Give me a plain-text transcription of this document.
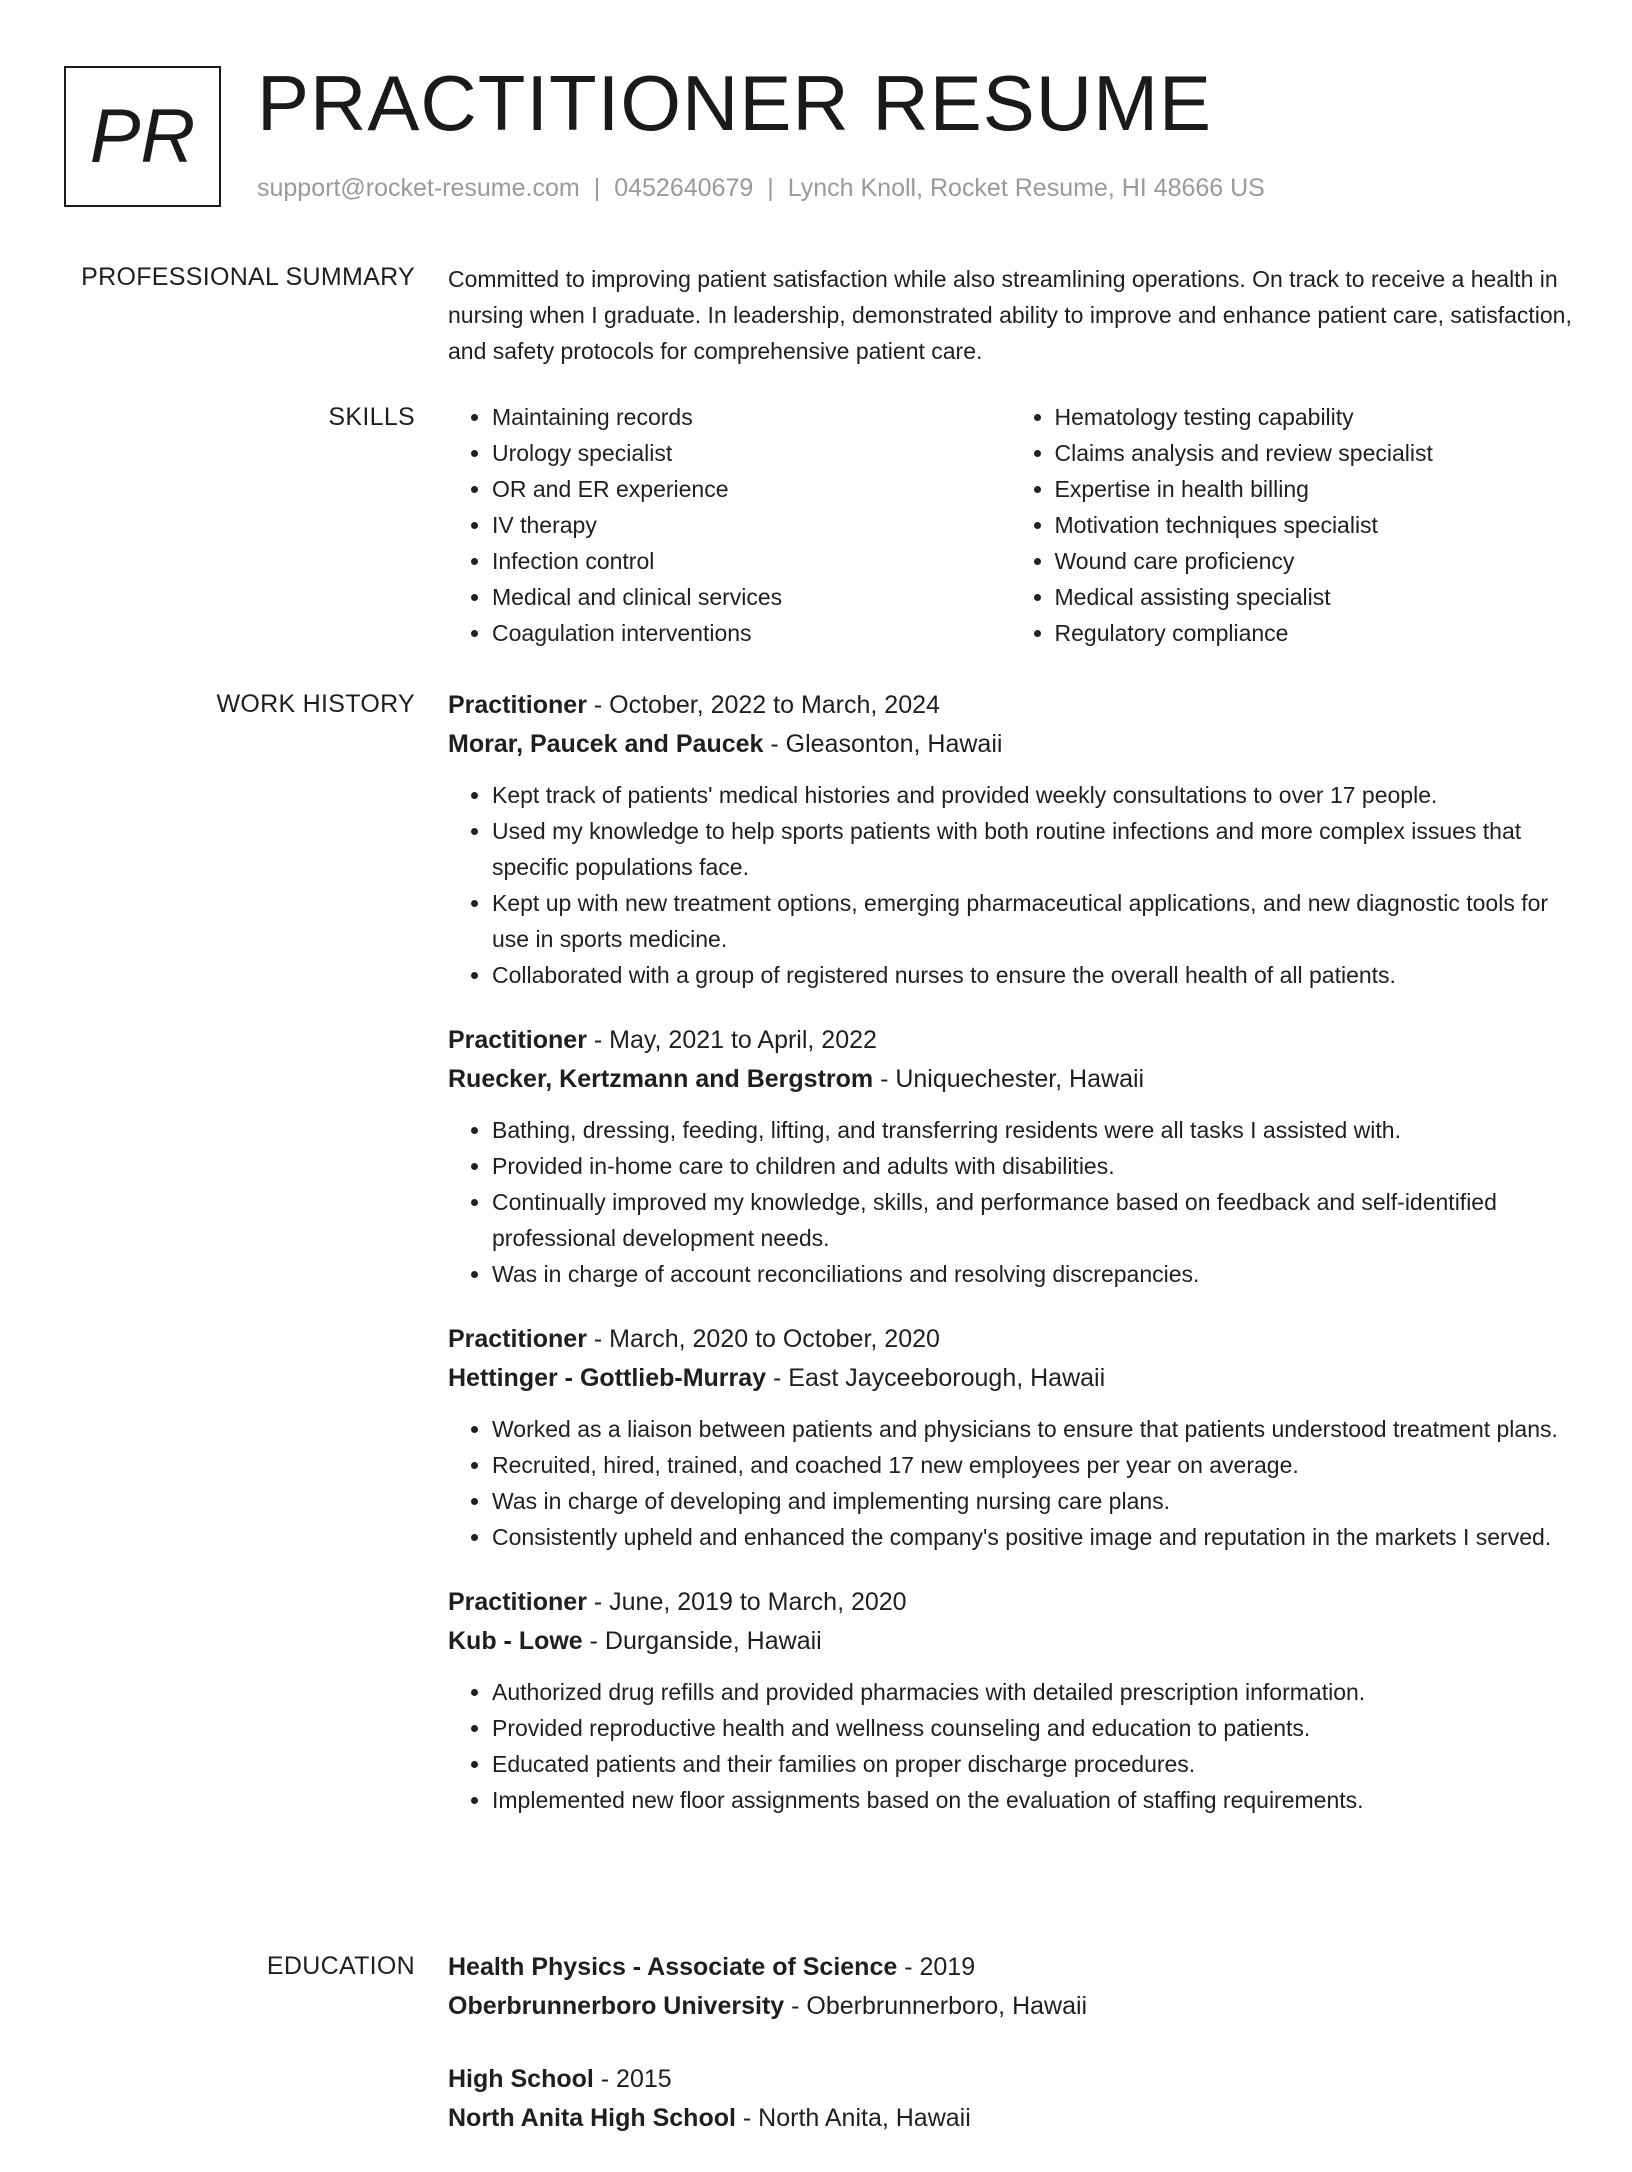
PR PRACTITIONER RESUME
support@rocket-resume.com | 0452640679 | Lynch Knoll, Rocket Resume, HI 48666 US
PROFESSIONAL SUMMARY Committed to improving patient satisfaction while also streamlining operations. On track to receive a health in nursing when I graduate. In leadership, demonstrated ability to improve and enhance patient care, satisfaction, and safety protocols for comprehensive patient care.

SKILLS
•	Maintaining records
• Urology specialist
• OR and ER experience
• IV therapy
• Infection control
• Medical and clinical services
• Coagulation interventions
• Hematology testing capability
• Claims analysis and review specialist
• Expertise in health billing
• Motivation techniques specialist
• Wound care proficiency
• Medical assisting specialist
• Regulatory compliance
WORK HISTORY Practitioner - October, 2022 to March, 2024
Morar, Paucek and Paucek - Gleasonton, Hawaii
• Kept track of patients' medical histories and provided weekly consultations to over 17 people.
• Used my knowledge to help sports patients with both routine infections and more complex issues that specific populations face.
• Kept up with new treatment options, emerging pharmaceutical applications, and new diagnostic tools for use in sports medicine.
• Collaborated with a group of registered nurses to ensure the overall health of all patients.
Practitioner - May, 2021 to April, 2022
Ruecker, Kertzmann and Bergstrom - Uniquechester, Hawaii
• Bathing, dressing, feeding, lifting, and transferring residents were all tasks I assisted with.
• Provided in-home care to children and adults with disabilities.
• Continually improved my knowledge, skills, and performance based on feedback and self-identified professional development needs.
• Was in charge of account reconciliations and resolving discrepancies.
Practitioner - March, 2020 to October, 2020
Hettinger - Gottlieb-Murray - East Jayceeborough, Hawaii
• Worked as a liaison between patients and physicians to ensure that patients understood treatment plans.
• Recruited, hired, trained, and coached 17 new employees per year on average.
• Was in charge of developing and implementing nursing care plans.
• Consistently upheld and enhanced the company's positive image and reputation in the markets I served.
Practitioner - June, 2019 to March, 2020
Kub - Lowe - Durganside, Hawaii
• Authorized drug refills and provided pharmacies with detailed prescription information.
• Provided reproductive health and wellness counseling and education to patients.
• Educated patients and their families on proper discharge procedures.
• Implemented new floor assignments based on the evaluation of staffing requirements.
EDUCATION Health Physics - Associate of Science - 2019
Oberbrunnerboro University - Oberbrunnerboro, Hawaii
High School - 2015
North Anita High School - North Anita, Hawaii
